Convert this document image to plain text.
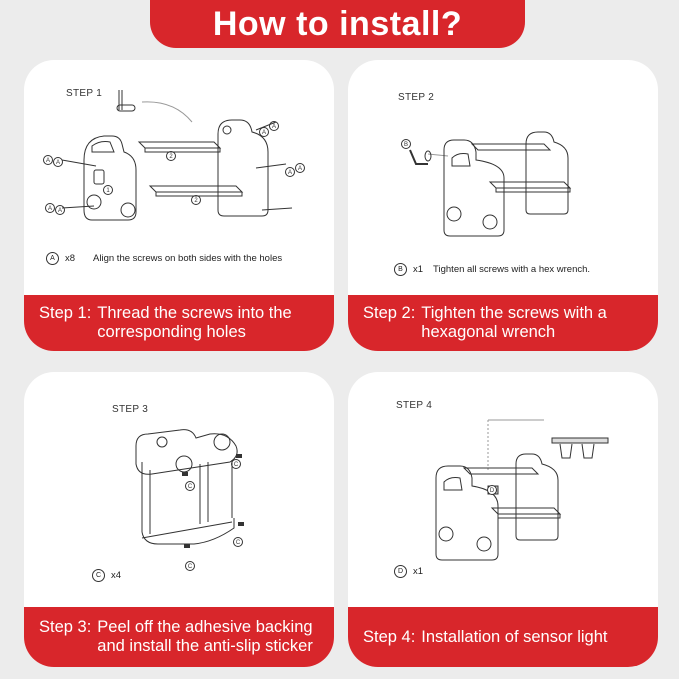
How to install?
STEP 1
A A
A A
A
A
A
A
2
2
1
A	x8 Align the screws on both sides with the holes
Step 1: Thread the screws into the corresponding holes
STEP 2
B
B	x1 Tighten all screws with a hex wrench.
Step 2: Tighten the screws with a hexagonal wrench
STEP 3
C
C
C
C
C	x4
Step 3: Peel off the adhesive backing and install the anti-slip sticker
STEP 4
D
D	x1
Step 4: Installation of sensor light
